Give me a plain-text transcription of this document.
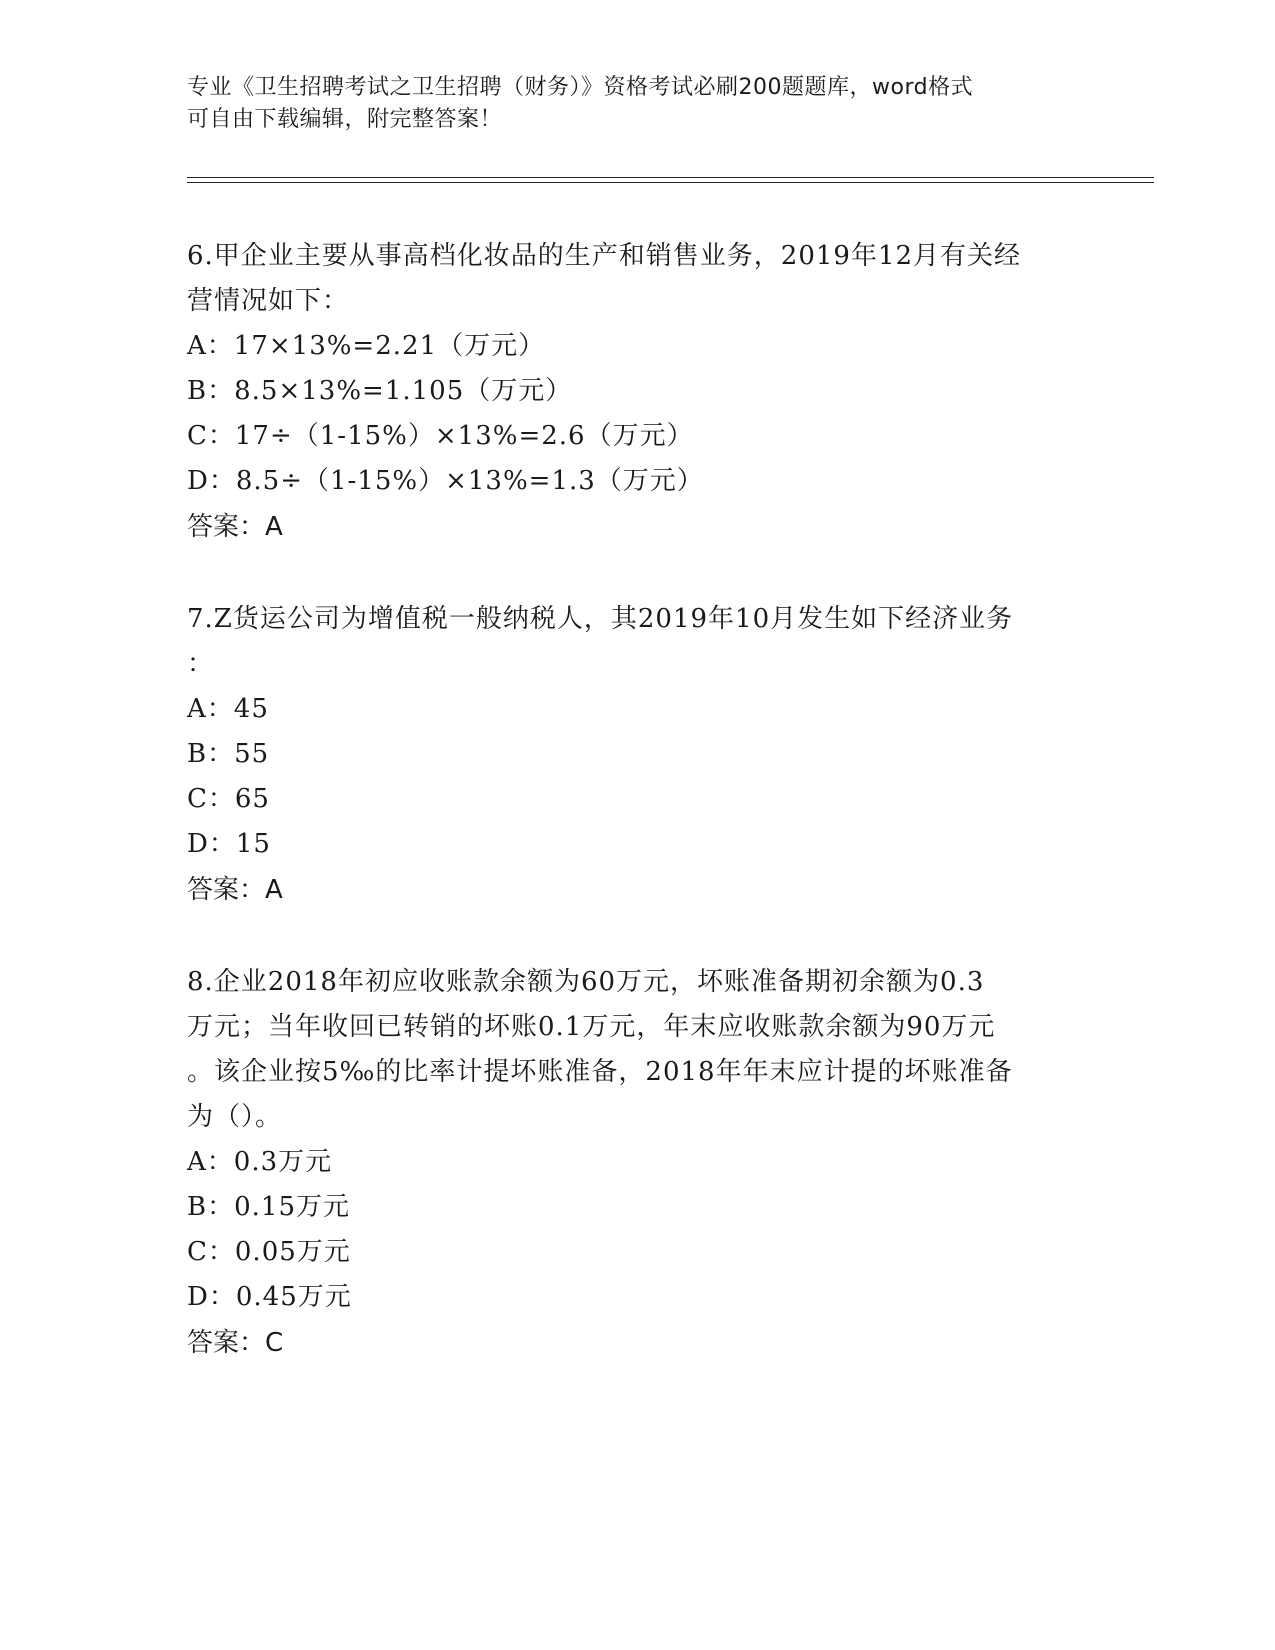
专业《卫生招聘考试之卫生招聘（财务）》资格考试必刷200题题库，word格式
可自由下载编辑，附完整答案！

6.甲企业主要从事高档化妆品的生产和销售业务，2019年12月有关经

营情况如下：

A：17×13%=2.21（万元）

B：8.5×13%=1.105（万元）

C：17÷（1-15%）×13%=2.6（万元）

D：8.5÷（1-15%）×13%=1.3（万元）

答案：A

7.Z货运公司为增值税一般纳税人，其2019年10月发生如下经济业务

：

A：45

B：55

C：65

D：15

答案：A

8.企业2018年初应收账款余额为60万元，坏账准备期初余额为0.3

万元；当年收回已转销的坏账0.1万元，年末应收账款余额为90万元

。该企业按5‰的比率计提坏账准备，2018年年末应计提的坏账准备

为（）。

A：0.3万元

B：0.15万元

C：0.05万元

D：0.45万元

答案：C
